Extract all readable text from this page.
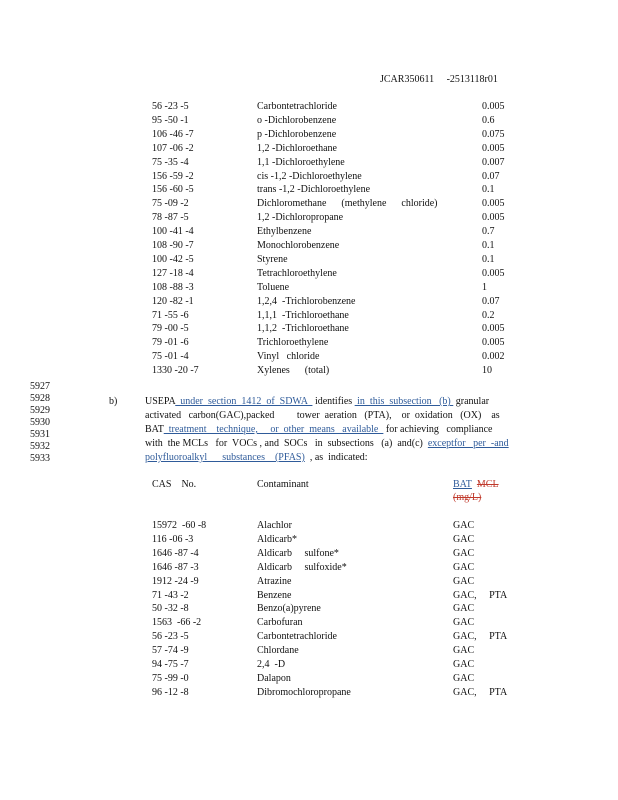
JCAR350611 -2513118r01
56 -23 -5	Carbontetrachloride	0.005
95 -50 -1	o -Dichlorobenzene	0.6
106 -46 -7	p -Dichlorobenzene	0.075
107 -06 -2	1,2 -Dichloroethane	0.005
75 -35 -4	1,1 -Dichloroethylene	0.007
156 -59 -2	cis -1,2 -Dichloroethylene	0.07
156 -60 -5	trans -1,2 -Dichloroethylene	0.1
75 -09 -2	Dichloromethane      (methylene      chloride)	0.005
78 -87 -5	1,2 -Dichloropropane	0.005
100 -41 -4	Ethylbenzene	0.7
108 -90 -7	Monochlorobenzene	0.1
100 -42 -5	Styrene	0.1
127 -18 -4	Tetrachloroethylene	0.005
108 -88 -3	Toluene	1
120 -82 -1	1,2,4  -Trichlorobenzene	0.07
71 -55 -6	1,1,1  -Trichloroethane	0.2
79 -00 -5	1,1,2  -Trichloroethane	0.005
79 -01 -6	Trichloroethylene	0.005
75 -01 -4	Vinyl   chloride	0.002
1330 -20 -7	Xylenes      (total)	10
5927
5928
5929
5930
5931
5932
5933
b)	USEPA  under  section  1412  of  SDWA   identifies  in  this  subsection   (b)  granular
activated   carbon(GAC),packed         tower  aeration   (PTA),    or  oxidation   (OX)    as
BAT  treatment    technique,     or  other  means   available   for achieving   compliance
with  the MCLs   for  VOCs , and  SOCs   in  subsections   (a)  and(c)  exceptfor   per  -and
polyfluoroalkyl      substances    (PFAS)  , as  indicated:
CAS    No.	Contaminant	BAT MCL
(mg/L)
15972  -60 -8	Alachlor	GAC
116 -06 -3	Aldicarb*	GAC
1646 -87 -4	Aldicarb     sulfone*	GAC
1646 -87 -3	Aldicarb     sulfoxide*	GAC
1912 -24 -9	Atrazine	GAC
71 -43 -2	Benzene	GAC,     PTA
50 -32 -8	Benzo(a)pyrene	GAC
1563  -66 -2	Carbofuran	GAC
56 -23 -5	Carbontetrachloride	GAC,     PTA
57 -74 -9	Chlordane	GAC
94 -75 -7	2,4  -D	GAC
75 -99 -0	Dalapon	GAC
96 -12 -8	Dibromochloropropane	GAC,     PTA
